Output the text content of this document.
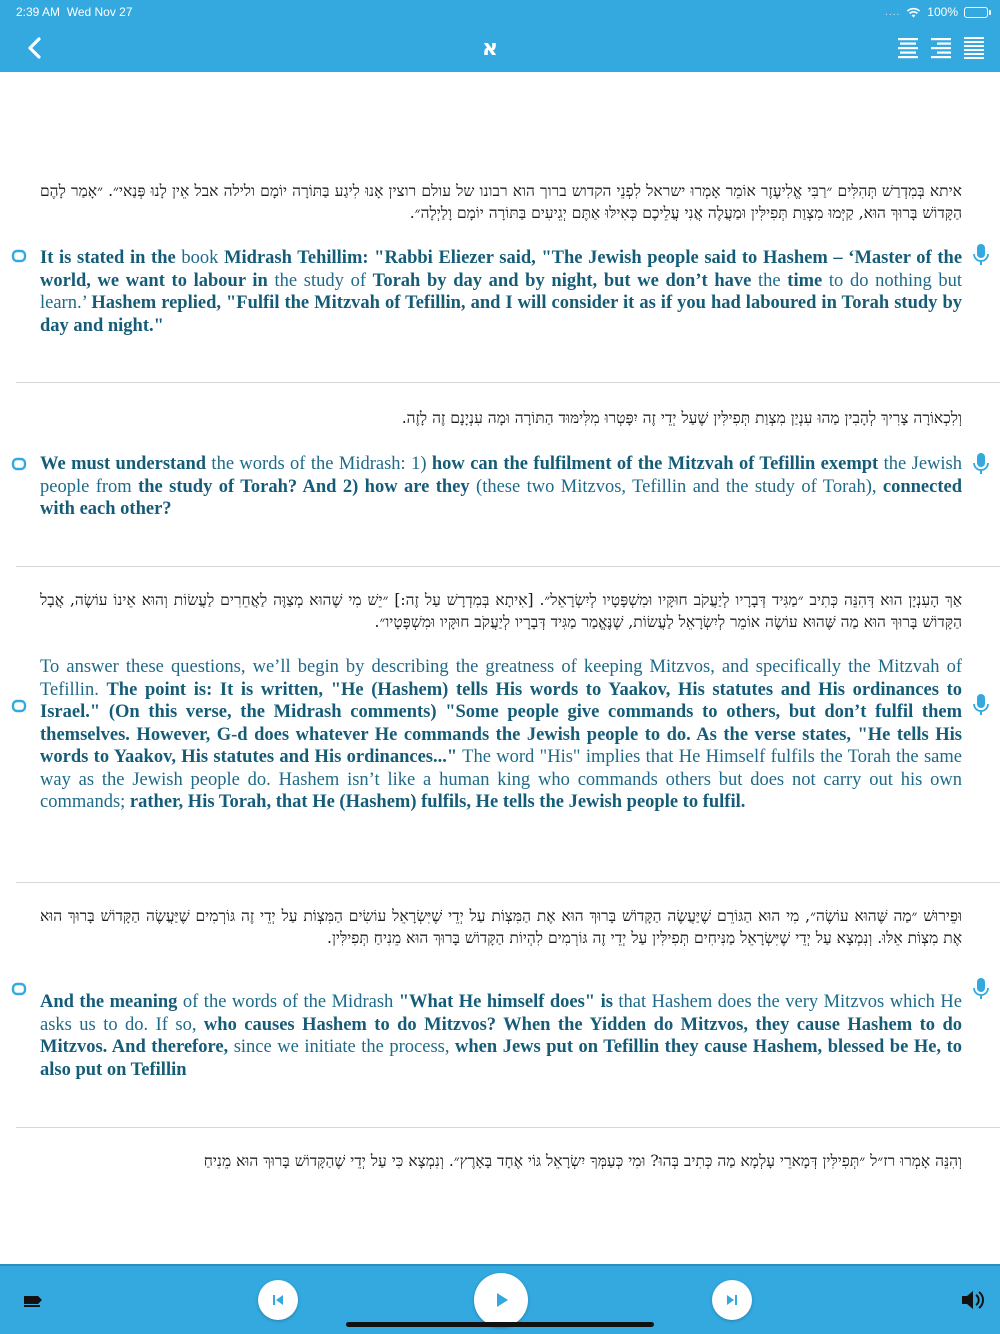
2:39 AM Wed Nov 27	.... 100%
א
איתא בְּמִדְרַשׁ תְּהִלִּים ״רַבִּי אֱלִיעֶזֶר אוֹמֵר אָמְרוּ ישראל לִפְנֵי הקדוש ברוך הוא רבונו של עולם רוצין אָנוּ לִיגַע בַּתּוֹרָה יוֹמָם ולילה אבל אֵין לָנוּ פְּנַאי״. ״אָמַר לָהֶם הַקָּדוֹשׁ בָּרוּךְ הוּא, קַיְּמוּ מִצְוַת תְּפִילִּין וּמַעֲלֶה אֲנִי עֲלֵיכֶם כְּאִילּוּ אַתֶּם יְגֵיעִים בַּתּוֹרָה יוֹמָם וָלַיְלָה״.
It is stated in the book Midrash Tehillim: "Rabbi Eliezer said, "The Jewish people said to Hashem – ‘Master of the world, we want to labour in the study of Torah by day and by night, but we don’t have the time to do nothing but learn.’ Hashem replied, "Fulfil the Mitzvah of Tefillin, and I will consider it as if you had laboured in Torah study by day and night."
וְלִכְאוֹרָה צָרִיךְ לְהָבִין מַהוּ עִנְיַן מִצְוַת תְּפִילִּין שֶׁעַל יְדֵי זֶה יִפָּטְרוּ מִלִּימּוּד הַתּוֹרָה וּמָה עִנְיָנָם זֶה לָזֶה.
We must understand the words of the Midrash: 1) how can the fulfilment of the Mitzvah of Tefillin exempt the Jewish people from the study of Torah? And 2) how are they (these two Mitzvos, Tefillin and the study of Torah), connected with each other?
אַךְ הָעִנְיָן הוּא דְּהִנֵּה כְּתִיב ״מַגִּיד דְּבָרָיו לְיַעֲקֹב חוּקָּיו וּמִשְׁפָּטָיו לְיִשְׂרָאֵל״. [אִיתָא בְּמִדְרָשׁ עַל זֶה:] ״יֵשׁ מִי שֶׁהוּא מְצַוֶּה לַאֲחֵרִים לַעֲשׂוֹת וְהוּא אֵינוֹ עוֹשֶׂה, אֲבָל הַקָּדוֹשׁ בָּרוּךְ הוּא מַה שֶּׁהוּא עוֹשֶׂה אוֹמֵר לְיִשְׂרָאֵל לַעֲשׂוֹת, שֶׁנֶּאֱמַר מַגִּיד דְּבָרָיו לְיַעֲקֹב חוּקָּיו וּמִשְׁפָּטָיו״.
To answer these questions, we’ll begin by describing the greatness of keeping Mitzvos, and specifically the Mitzvah of Tefillin. The point is: It is written, "He (Hashem) tells His words to Yaakov, His statutes and His ordinances to Israel." (On this verse, the Midrash comments) "Some people give commands to others, but don’t fulfil them themselves. However, G-d does whatever He commands the Jewish people to do. As the verse states, "He tells His words to Yaakov, His statutes and His ordinances..." The word "His" implies that He Himself fulfils the Torah the same way as the Jewish people do. Hashem isn’t like a human king who commands others but does not carry out his own commands; rather, His Torah, that He (Hashem) fulfils, He tells the Jewish people to fulfil.
וּפֵירוּשׁ ״מַה שֶּׁהוּא עוֹשֶׂה״, מִי הוּא הַגּוֹרֵם שֶׁיַּעֲשֶׂה הַקָּדוֹשׁ בָּרוּךְ הוּא אֶת הַמִּצְוֹת עַל יְדֵי שֶׁיִּשְׂרָאֵל עוֹשִׂים הַמִּצְוֹת עַל יְדֵי זֶה גּוֹרְמִים שֶׁיַּעֲשֶׂה הַקָּדוֹשׁ בָּרוּךְ הוּא אֶת מִצְוֹת אֵלּוּ. וְנִמְצָא עַל יְדֵי שֶׁיִּשְׂרָאֵל מַנִּיחִים תְּפִילִּין עַל יְדֵי זֶה גּוֹרְמִים לִהְיוֹת הַקָּדוֹשׁ בָּרוּךְ הוּא מֵנִיחַ תְּפִילִּין.
And the meaning of the words of the Midrash "What He himself does" is that Hashem does the very Mitzvos which He asks us to do. If so, who causes Hashem to do Mitzvos? When the Yidden do Mitzvos, they cause Hashem to do Mitzvos. And therefore, since we initiate the process, when Jews put on Tefillin they cause Hashem, blessed be He, to also put on Tefillin
וְהִנֵּה אָמְרוּ רז״ל ״תְּפִילִּין דְּמָארֵי עָלְמָא מַה כְּתִיב בְּהוּ? וּמִי כְּעַמְּךָ יִשְׂרָאֵל גּוֹי אֶחָד בָּאָרֶץ״. וְנִמְצָא כִּי עַל יְדֵי שֶׁהַקָּדוֹשׁ בָּרוּךְ הוּא מֵנִיחַ
